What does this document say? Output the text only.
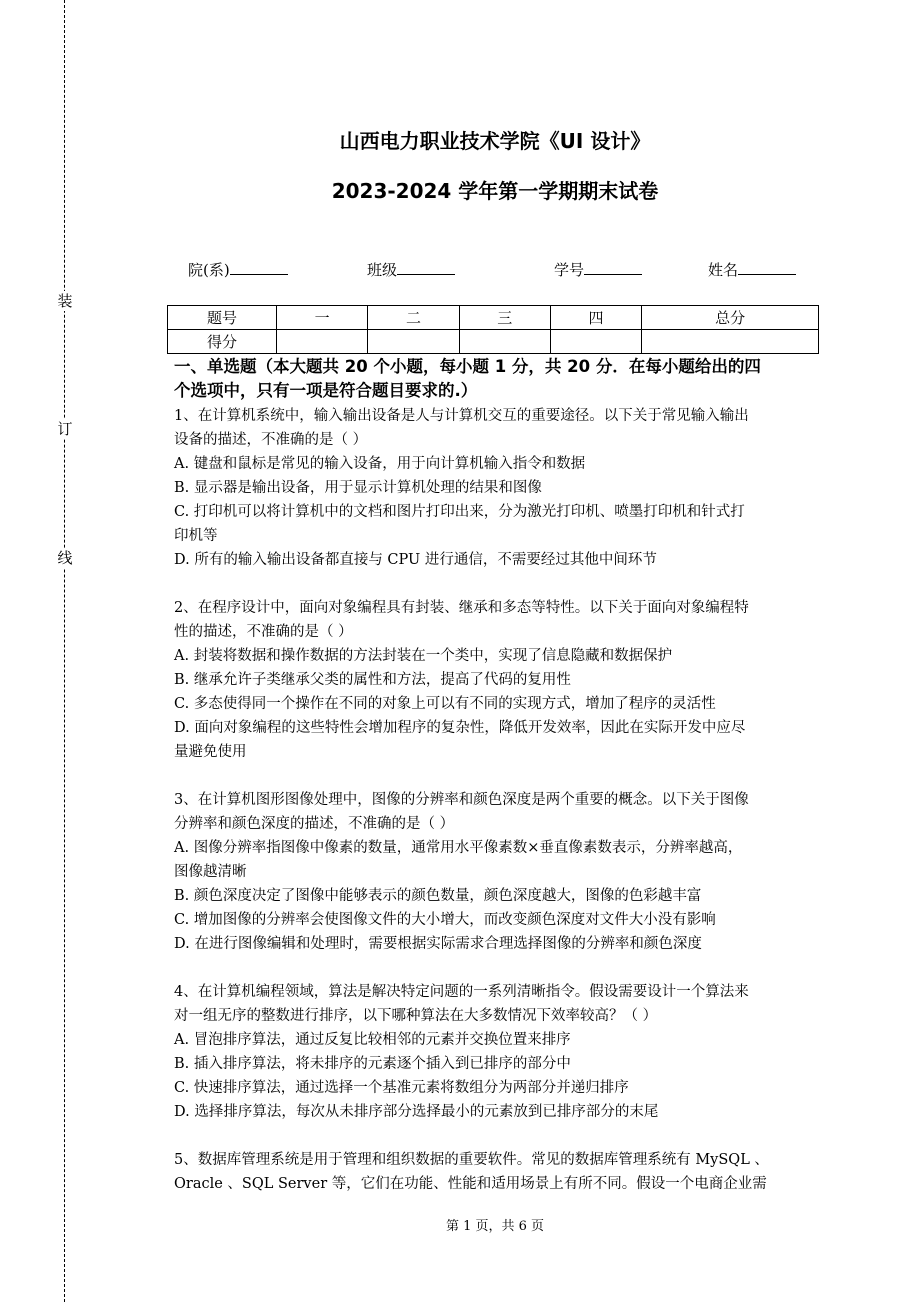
装
订
线
山西电力职业技术学院《UI 设计》
2023-2024 学年第一学期期末试卷
院(系)	班级	学号	姓名
题号	一	二	三	四	总分
得分					
一、单选题（本大题共 20 个小题，每小题 1 分，共 20 分．在每小题给出的四
个选项中，只有一项是符合题目要求的.）
1、在计算机系统中，输入输出设备是人与计算机交互的重要途径。以下关于常见输入输出
设备的描述，不准确的是（ ）
A. 键盘和鼠标是常见的输入设备，用于向计算机输入指令和数据
B. 显示器是输出设备，用于显示计算机处理的结果和图像
C. 打印机可以将计算机中的文档和图片打印出来，分为激光打印机、喷墨打印机和针式打
印机等
D. 所有的输入输出设备都直接与 CPU 进行通信，不需要经过其他中间环节
2、在程序设计中，面向对象编程具有封装、继承和多态等特性。以下关于面向对象编程特
性的描述，不准确的是（ ）
A. 封装将数据和操作数据的方法封装在一个类中，实现了信息隐藏和数据保护
B. 继承允许子类继承父类的属性和方法，提高了代码的复用性
C. 多态使得同一个操作在不同的对象上可以有不同的实现方式，增加了程序的灵活性
D. 面向对象编程的这些特性会增加程序的复杂性，降低开发效率，因此在实际开发中应尽
量避免使用
3、在计算机图形图像处理中，图像的分辨率和颜色深度是两个重要的概念。以下关于图像
分辨率和颜色深度的描述，不准确的是（ ）
A. 图像分辨率指图像中像素的数量，通常用水平像素数×垂直像素数表示，分辨率越高，
图像越清晰
B. 颜色深度决定了图像中能够表示的颜色数量，颜色深度越大，图像的色彩越丰富
C. 增加图像的分辨率会使图像文件的大小增大，而改变颜色深度对文件大小没有影响
D. 在进行图像编辑和处理时，需要根据实际需求合理选择图像的分辨率和颜色深度
4、在计算机编程领域，算法是解决特定问题的一系列清晰指令。假设需要设计一个算法来
对一组无序的整数进行排序，以下哪种算法在大多数情况下效率较高？（ ）
A. 冒泡排序算法，通过反复比较相邻的元素并交换位置来排序
B. 插入排序算法，将未排序的元素逐个插入到已排序的部分中
C. 快速排序算法，通过选择一个基准元素将数组分为两部分并递归排序
D. 选择排序算法，每次从未排序部分选择最小的元素放到已排序部分的末尾
5、数据库管理系统是用于管理和组织数据的重要软件。常见的数据库管理系统有 MySQL 、
Oracle 、SQL Server 等，它们在功能、性能和适用场景上有所不同。假设一个电商企业需
第 1 页，共 6 页
